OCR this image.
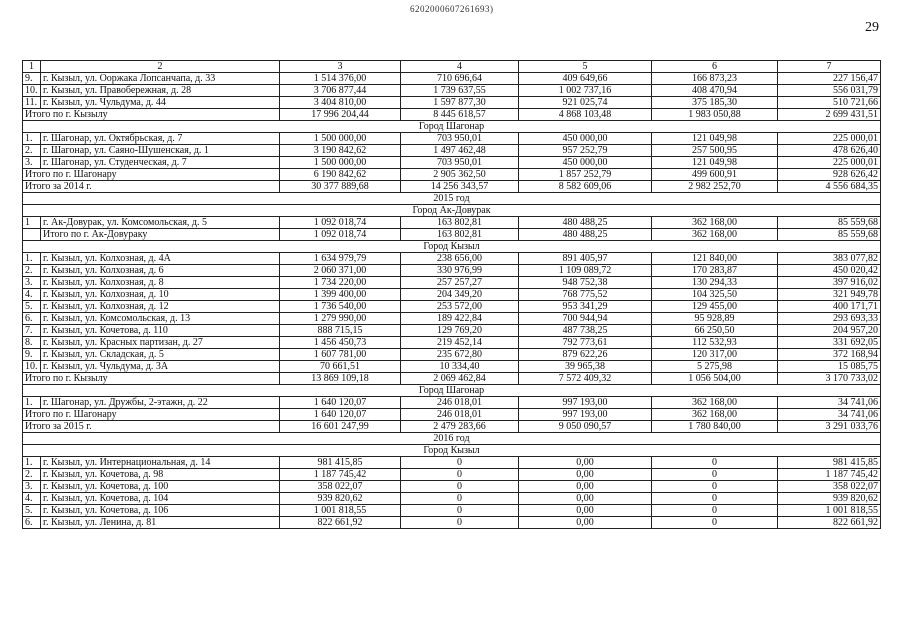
6202000607261693)
29
1	2	3	4	5	6	7
9.	г. Кызыл, ул. Ооржака Лопсанчапа, д. 33	1 514 376,00	710 696,64	409 649,66	166 873,23	227 156,47
10.	г. Кызыл, ул. Правобережная, д. 28	3 706 877,44	1 739 637,55	1 002 737,16	408 470,94	556 031,79
11.	г. Кызыл, ул. Чульдума, д. 44	3 404 810,00	1 597 877,30	921 025,74	375 185,30	510 721,66
Итого по г. Кызылу		17 996 204,44	8 445 618,57	4 868 103,48	1 983 050,88	2 699 431,51
Город Шагонар						
1.	г. Шагонар, ул. Октябрьская, д. 7	1 500 000,00	703 950,01	450 000,00	121 049,98	225 000,01
2.	г. Шагонар, ул. Саяно-Шушенская, д. 1	3 190 842,62	1 497 462,48	957 252,79	257 500,95	478 626,40
3.	г. Шагонар, ул. Студенческая, д. 7	1 500 000,00	703 950,01	450 000,00	121 049,98	225 000,01
Итого по г. Шагонару		6 190 842,62	2 905 362,50	1 857 252,79	499 600,91	928 626,42
Итого за 2014 г.		30 377 889,68	14 256 343,57	8 582 609,06	2 982 252,70	4 556 684,35
2015 год						
Город Ак-Довурак						
1	г. Ак-Довурак, ул. Комсомольская, д. 5	1 092 018,74	163 802,81	480 488,25	362 168,00	85 559,68
	Итого по г. Ак-Довураку	1 092 018,74	163 802,81	480 488,25	362 168,00	85 559,68
Город Кызыл						
1.	г. Кызыл, ул. Колхозная, д. 4А	1 634 979,79	238 656,00	891 405,97	121 840,00	383 077,82
2.	г. Кызыл, ул. Колхозная, д. 6	2 060 371,00	330 976,99	1 109 089,72	170 283,87	450 020,42
3.	г. Кызыл, ул. Колхозная, д. 8	1 734 220,00	257 257,27	948 752,38	130 294,33	397 916,02
4.	г. Кызыл, ул. Колхозная, д. 10	1 399 400,00	204 349,20	768 775,52	104 325,50	321 949,78
5.	г. Кызыл, ул. Колхозная, д. 12	1 736 540,00	253 572,00	953 341,29	129 455,00	400 171,71
6.	г. Кызыл, ул. Комсомольская, д. 13	1 279 990,00	189 422,84	700 944,94	95 928,89	293 693,33
7.	г. Кызыл, ул. Кочетова, д. 110	888 715,15	129 769,20	487 738,25	66 250,50	204 957,20
8.	г. Кызыл, ул. Красных партизан, д. 27	1 456 450,73	219 452,14	792 773,61	112 532,93	331 692,05
9.	г. Кызыл, ул. Складская, д. 5	1 607 781,00	235 672,80	879 622,26	120 317,00	372 168,94
10.	г. Кызыл, ул. Чульдума, д. 3А	70 661,51	10 334,40	39 965,38	5 275,98	15 085,75
Итого по г. Кызылу		13 869 109,18	2 069 462,84	7 572 409,32	1 056 504,00	3 170 733,02
Город Шагонар						
1.	г. Шагонар, ул. Дружбы, 2-этажн, д. 22	1 640 120,07	246 018,01	997 193,00	362 168,00	34 741,06
Итого по г. Шагонару		1 640 120,07	246 018,01	997 193,00	362 168,00	34 741,06
Итого за 2015 г.		16 601 247,99	2 479 283,66	9 050 090,57	1 780 840,00	3 291 033,76
2016 год						
Город Кызыл						
1.	г. Кызыл, ул. Интернациональная, д. 14	981 415,85	0	0,00	0	981 415,85
2.	г. Кызыл, ул. Кочетова, д. 98	1 187 745,42	0	0,00	0	1 187 745,42
3.	г. Кызыл, ул. Кочетова, д. 100	358 022,07	0	0,00	0	358 022,07
4.	г. Кызыл, ул. Кочетова, д. 104	939 820,62	0	0,00	0	939 820,62
5.	г. Кызыл, ул. Кочетова, д. 106	1 001 818,55	0	0,00	0	1 001 818,55
6.	г. Кызыл, ул. Ленина, д. 81	822 661,92	0	0,00	0	822 661,92
